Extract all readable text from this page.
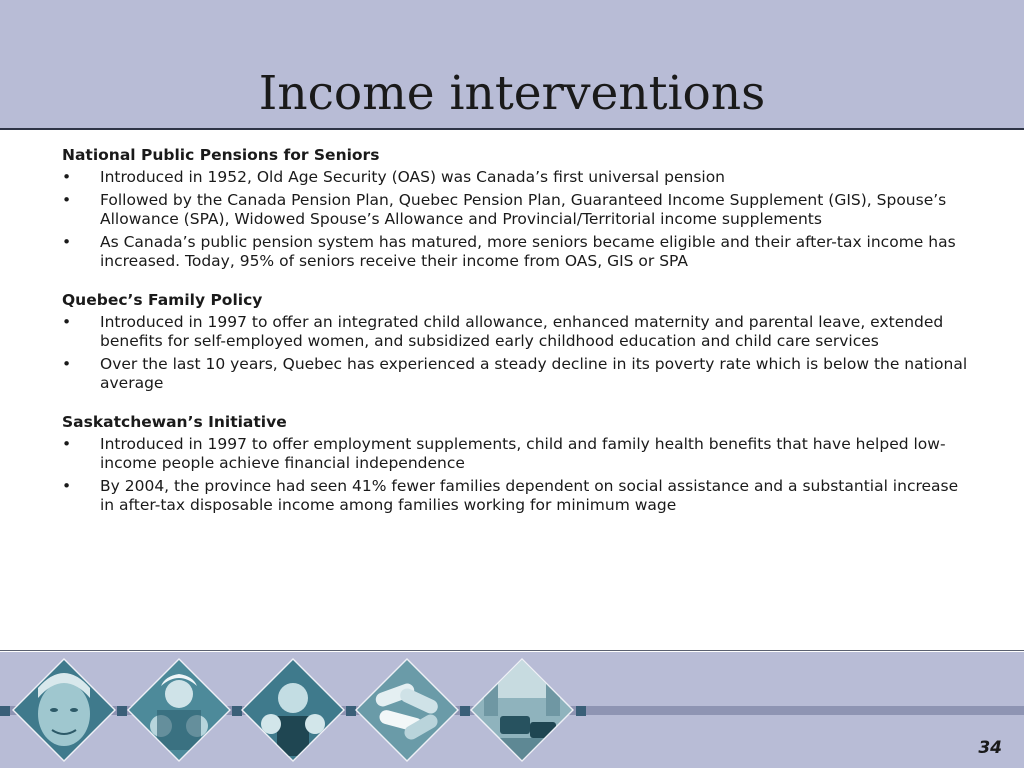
Income interventions
National Public Pensions for Seniors
•	Introduced in 1952, Old Age Security (OAS) was Canada’s first universal pension
•	Followed by the Canada Pension Plan, Quebec Pension Plan, Guaranteed Income Supplement (GIS), Spouse’s Allowance (SPA), Widowed Spouse’s Allowance and Provincial/Territorial income supplements
•	As Canada’s public pension system has matured, more seniors became eligible and their after-tax income has increased. Today, 95% of seniors receive their income from OAS, GIS or SPA
Quebec’s Family Policy
•	Introduced in 1997 to offer an integrated child allowance, enhanced maternity and parental leave, extended benefits for self-employed women, and subsidized early childhood education and child care services
•	Over the last 10 years, Quebec has experienced a steady decline in its poverty rate which is below the national average
Saskatchewan’s Initiative
•	Introduced in 1997 to offer employment supplements, child and family health benefits that have helped low-income people achieve financial independence
•	By 2004, the province had seen 41% fewer families dependent on social assistance and a substantial increase in after-tax disposable income among families working for minimum wage
34
